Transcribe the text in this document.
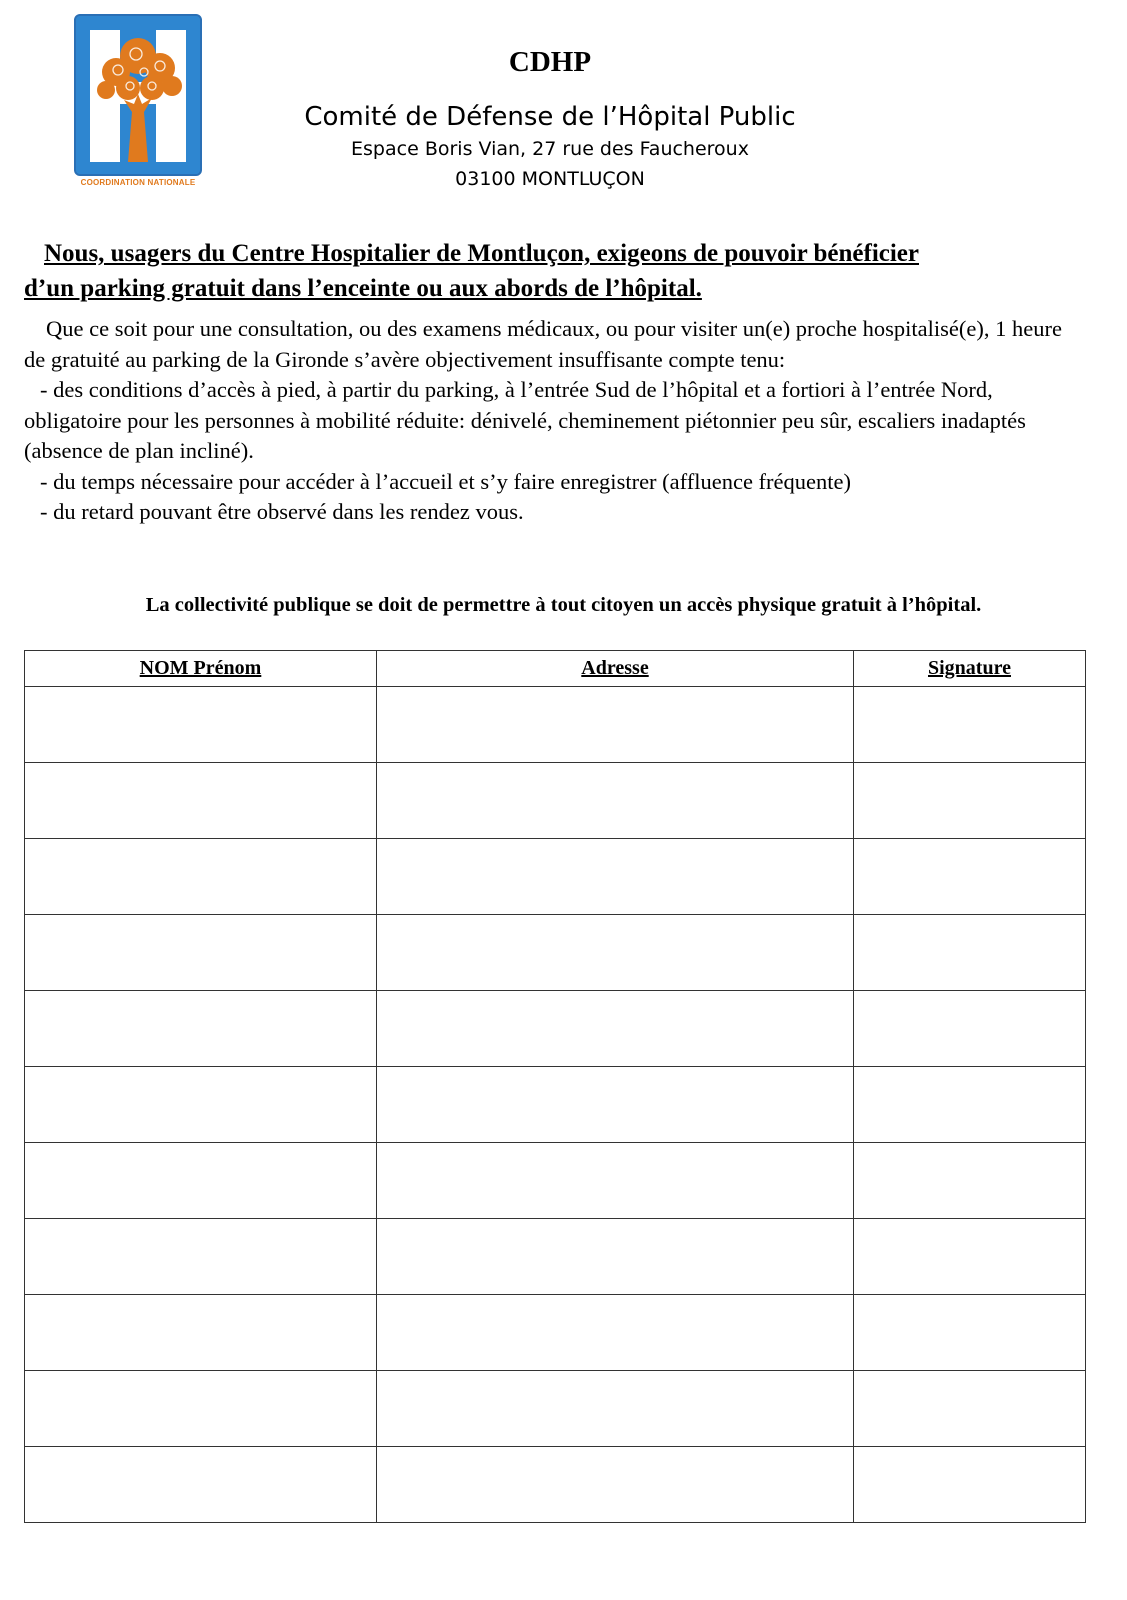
COORDINATION NATIONALE
CDHP
Comité de Défense de l’Hôpital Public
Espace Boris Vian, 27 rue des Faucheroux
03100 MONTLUÇON
Nous, usagers du Centre Hospitalier de Montluçon, exigeons de pouvoir bénéficier
d’un parking gratuit dans l’enceinte ou aux abords de l’hôpital.

Que ce soit pour une consultation, ou des examens médicaux, ou pour visiter un(e) proche hospitalisé(e), 1 heure de gratuité au parking de la Gironde s’avère objectivement insuffisante compte tenu:

- des conditions d’accès à pied, à partir du parking, à l’entrée Sud de l’hôpital et a fortiori à l’entrée Nord, obligatoire pour les personnes à mobilité réduite: dénivelé, cheminement piétonnier peu sûr, escaliers inadaptés (absence de plan incliné).

- du temps nécessaire pour accéder à l’accueil et s’y faire enregistrer (affluence fréquente)

- du retard pouvant être observé dans les rendez vous.

La collectivité publique se doit de permettre à tout citoyen un accès physique gratuit à l’hôpital.
NOM Prénom	Adresse	Signature
